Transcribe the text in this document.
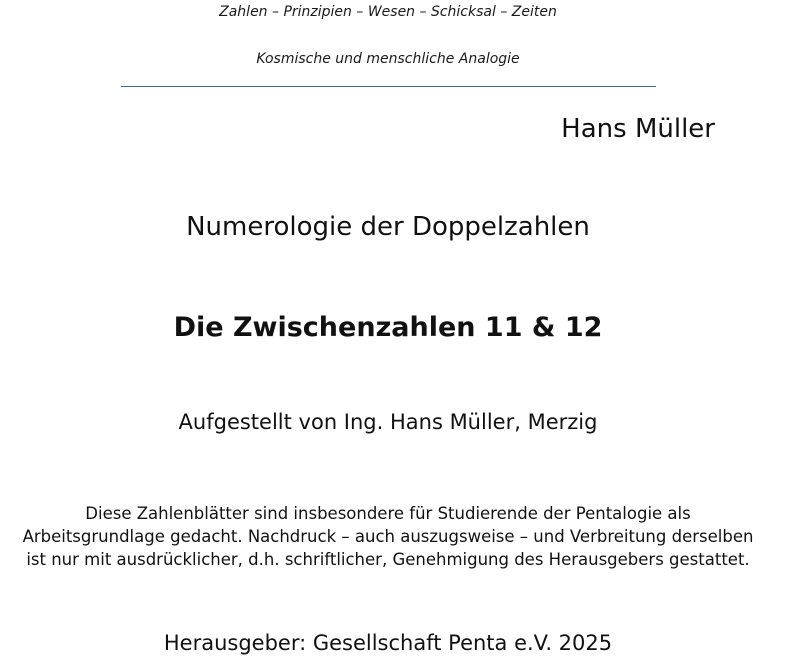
Zahlen – Prinzipien – Wesen – Schicksal – Zeiten
Kosmische und menschliche Analogie
Hans Müller
Numerologie der Doppelzahlen
Die Zwischenzahlen 11 & 12
Aufgestellt von Ing. Hans Müller, Merzig
Diese Zahlenblätter sind insbesondere für Studierende der Pentalogie als
Arbeitsgrundlage gedacht. Nachdruck – auch auszugsweise – und Verbreitung derselben
ist nur mit ausdrücklicher, d.h. schriftlicher, Genehmigung des Herausgebers gestattet.
Herausgeber: Gesellschaft Penta e.V. 2025
